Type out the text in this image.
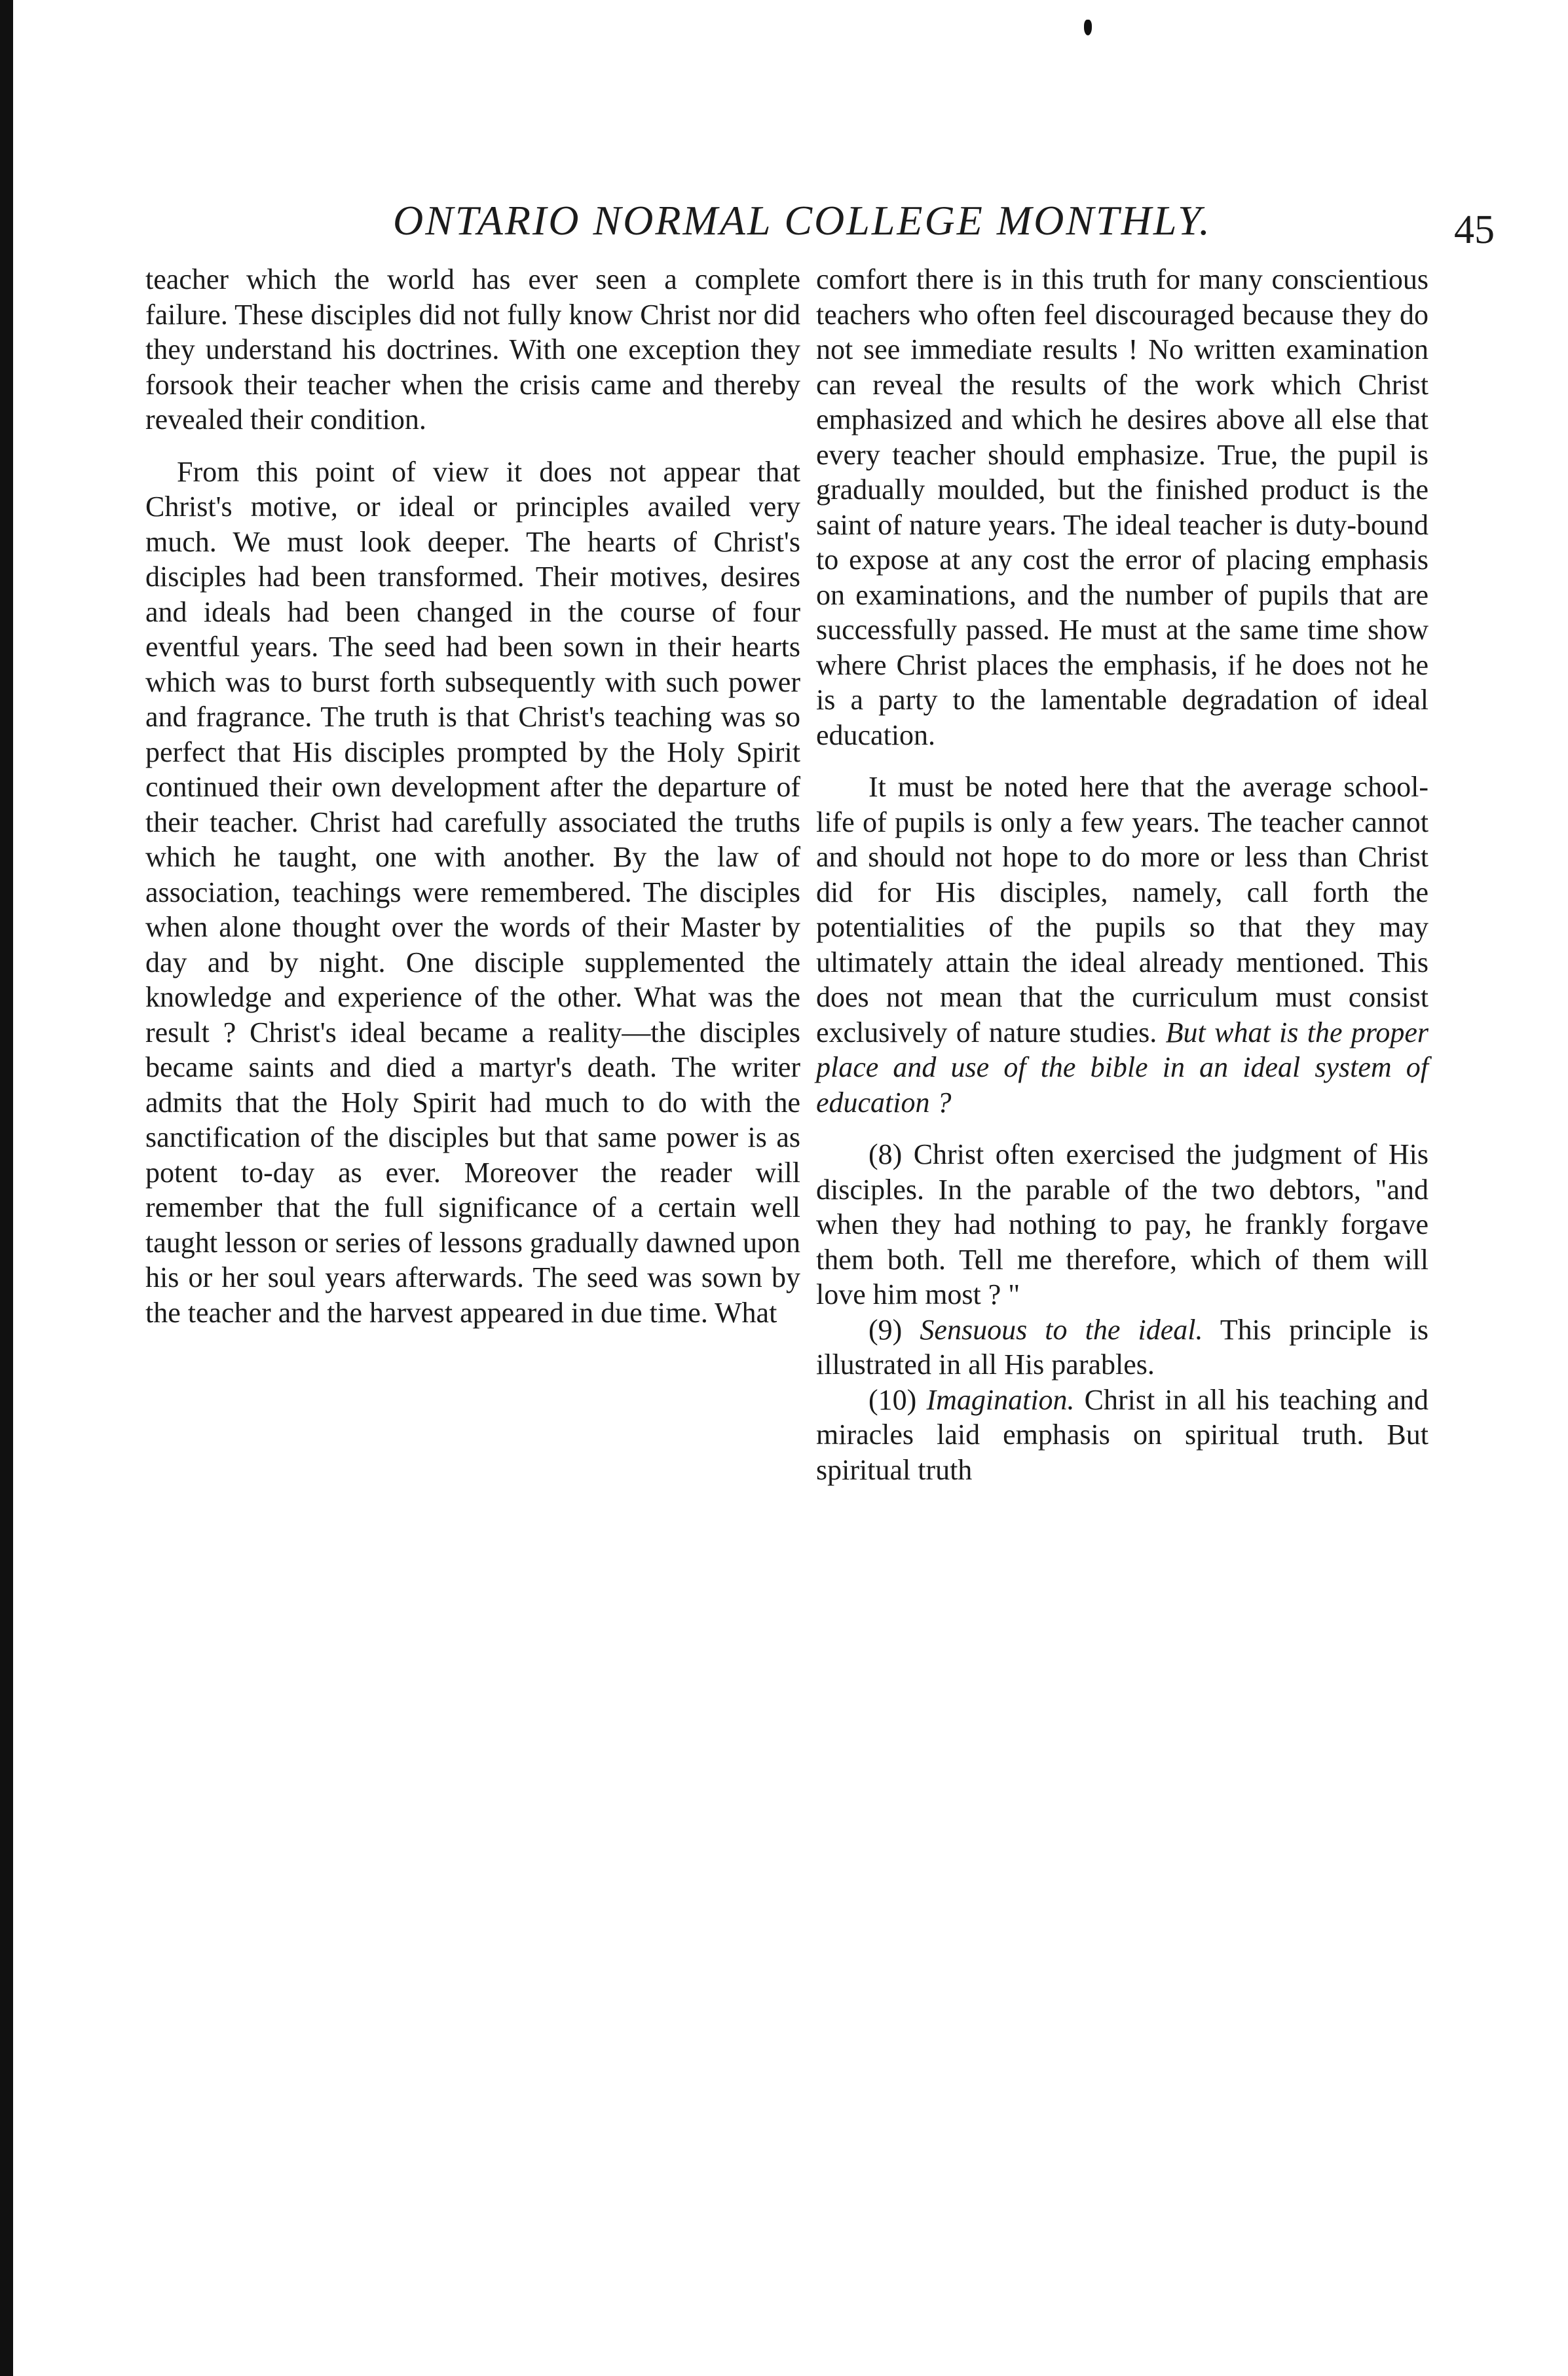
ONTARIO NORMAL COLLEGE MONTHLY.	45

teacher which the world has ever seen a complete failure. These disciples did not fully know Christ nor did they understand his doctrines. With one exception they forsook their teacher when the crisis came and thereby revealed their condition.

From this point of view it does not appear that Christ's motive, or ideal or principles availed very much. We must look deeper. The hearts of Christ's disciples had been transformed. Their motives, desires and ideals had been changed in the course of four eventful years. The seed had been sown in their hearts which was to burst forth subsequently with such power and fragrance. The truth is that Christ's teaching was so perfect that His disciples prompted by the Holy Spirit continued their own development after the departure of their teacher. Christ had carefully associated the truths which he taught, one with another. By the law of association, teachings were remembered. The disciples when alone thought over the words of their Master by day and by night. One disciple supplemented the knowledge and experience of the other. What was the result ? Christ's ideal became a reality—the disciples became saints and died a martyr's death. The writer admits that the Holy Spirit had much to do with the sanctification of the disciples but that same power is as potent to-day as ever. Moreover the reader will remember that the full significance of a certain well taught lesson or series of lessons gradually dawned upon his or her soul years afterwards. The seed was sown by the teacher and the harvest appeared in due time. What

comfort there is in this truth for many conscientious teachers who often feel discouraged because they do not see immediate results ! No written examination can reveal the results of the work which Christ emphasized and which he desires above all else that every teacher should emphasize. True, the pupil is gradually moulded, but the finished product is the saint of nature years. The ideal teacher is duty-bound to expose at any cost the error of placing emphasis on examinations, and the number of pupils that are successfully passed. He must at the same time show where Christ places the emphasis, if he does not he is a party to the lamentable degradation of ideal education.

It must be noted here that the average school-life of pupils is only a few years. The teacher cannot and should not hope to do more or less than Christ did for His disciples, namely, call forth the potentialities of the pupils so that they may ultimately attain the ideal already mentioned. This does not mean that the curriculum must consist exclusively of nature studies. But what is the proper place and use of the bible in an ideal system of education ?

(8) Christ often exercised the judgment of His disciples. In the parable of the two debtors, "and when they had nothing to pay, he frankly forgave them both. Tell me therefore, which of them will love him most ? "

(9) Sensuous to the ideal. This principle is illustrated in all His parables.

(10) Imagination. Christ in all his teaching and miracles laid emphasis on spiritual truth. But spiritual truth
